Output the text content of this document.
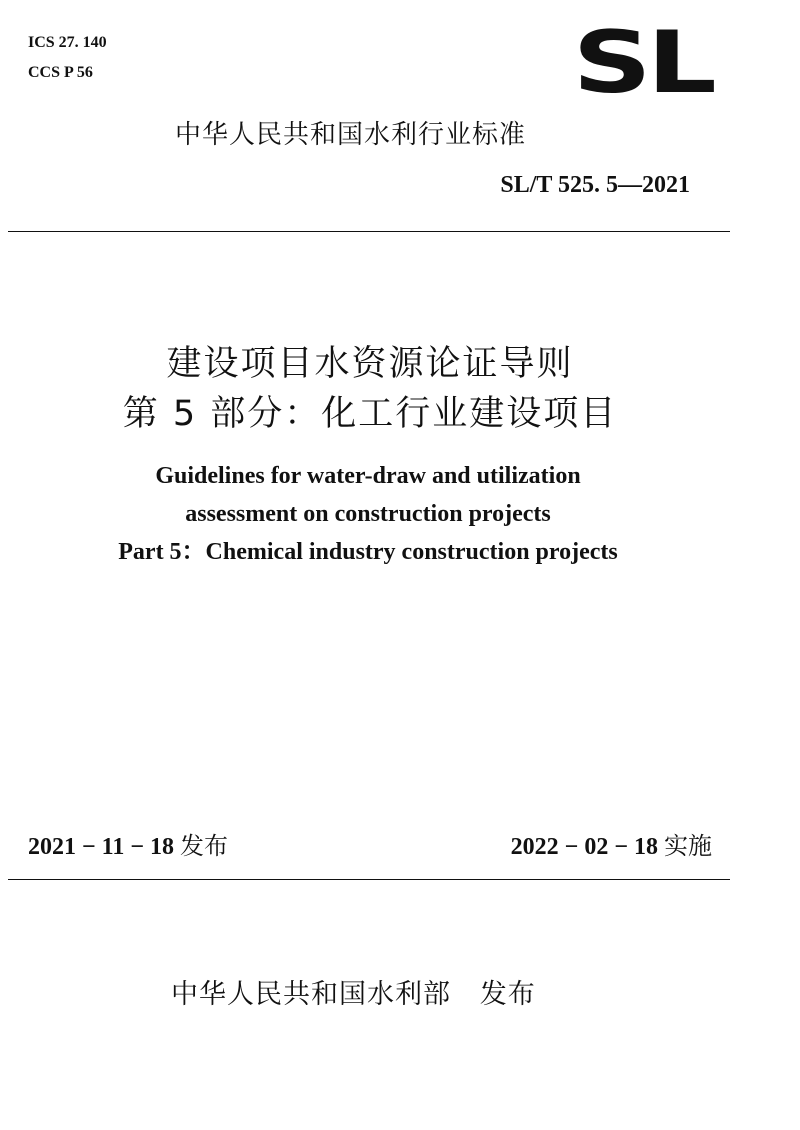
ICS 27. 140
CCS P 56	SL
中华人民共和国水利行业标准
SL/T 525. 5—2021
建设项目水资源论证导则
第 5 部分：化工行业建设项目
Guidelines for water-draw and utilization
assessment on construction projects
Part 5：Chemical industry construction projects
2021 − 11 − 18 发布	2022 − 02 − 18 实施
中华人民共和国水利部 发布
